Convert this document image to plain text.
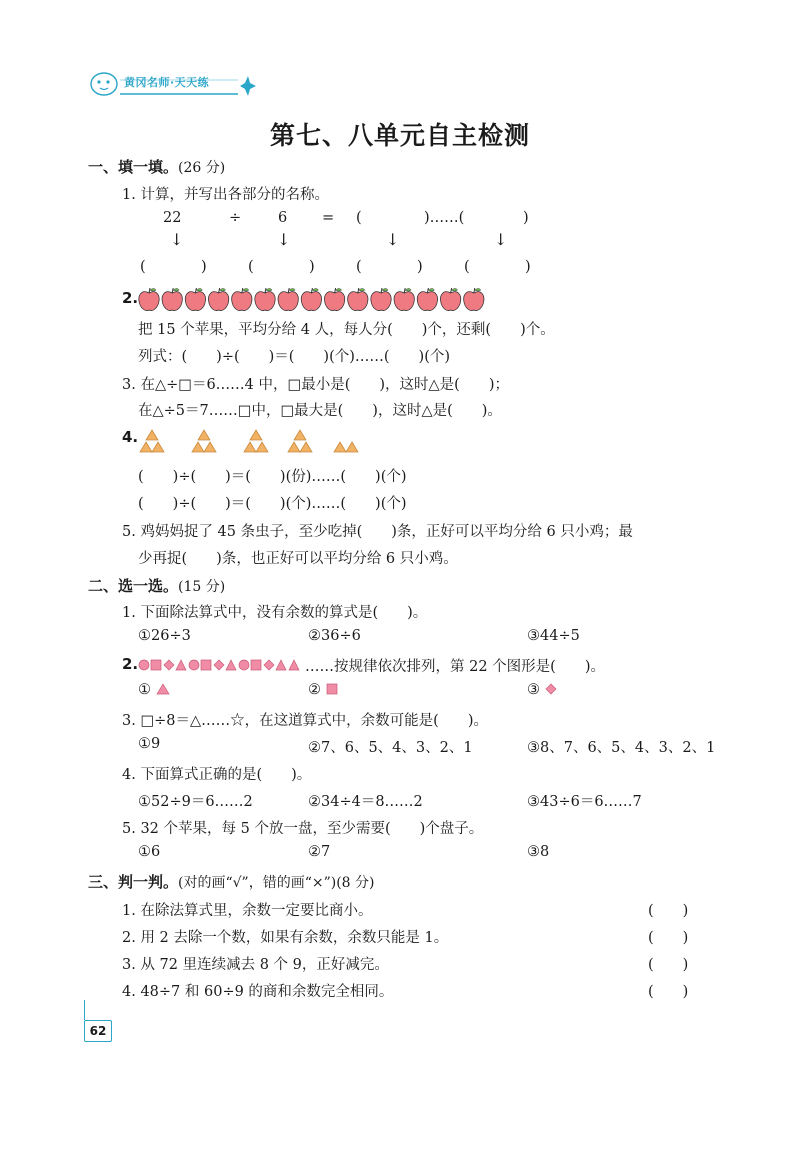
黄冈名师·天天练
第七、八单元自主检测
一、填一填。(26 分)
1. 计算，并写出各部分的名称。
22	÷	6 = (	)……(	)
↓	↓	↓	↓
(	)	(	)	(	)	(	)
2.
把 15 个苹果，平均分给 4 人，每人分(　　)个，还剩(　　)个。
列式：(　　)÷(　　)＝(　　)(个)……(　　)(个)
3. 在△÷□＝6……4 中，□最小是(　　)，这时△是(　　)；
在△÷5＝7……□中，□最大是(　　)，这时△是(　　)。
4.
(　　)÷(　　)＝(　　)(份)……(　　)(个)
(　　)÷(　　)＝(　　)(个)……(　　)(个)
5. 鸡妈妈捉了 45 条虫子，至少吃掉(　　)条，正好可以平均分给 6 只小鸡；最
少再捉(　　)条，也正好可以平均分给 6 只小鸡。
二、选一选。(15 分)
1. 下面除法算式中，没有余数的算式是(　　)。
①26÷3	②36÷6	③44÷5
2.	……按规律依次排列，第 22 个图形是(　　)。
①	②	③
3. □÷8＝△……☆，在这道算式中，余数可能是(　　)。
①9	②7、6、5、4、3、2、1	③8、7、6、5、4、3、2、1
4. 下面算式正确的是(　　)。
①52÷9＝6……2	②34÷4＝8……2	③43÷6＝6……7
5. 32 个苹果，每 5 个放一盘，至少需要(　　)个盘子。
①6	②7	③8
三、判一判。(对的画“√”，错的画“×”)(8 分)
1. 在除法算式里，余数一定要比商小。	(　　)
2. 用 2 去除一个数，如果有余数，余数只能是 1。	(　　)
3. 从 72 里连续减去 8 个 9，正好减完。	(　　)
4. 48÷7 和 60÷9 的商和余数完全相同。	(　　)
62
